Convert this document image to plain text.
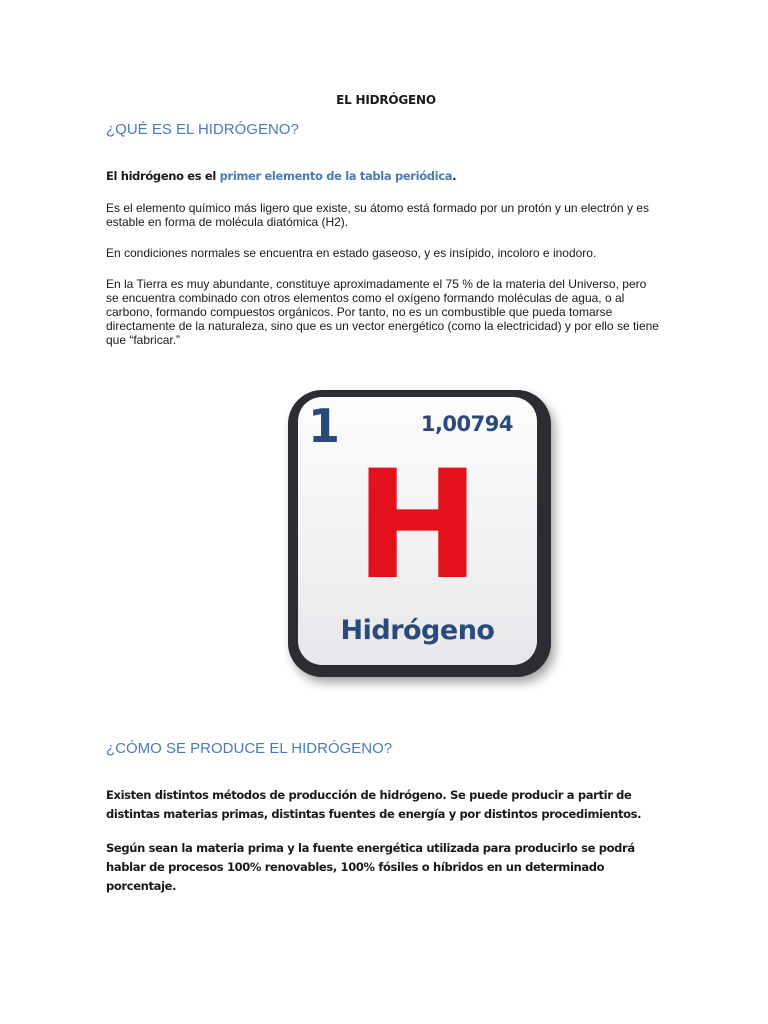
EL HIDRÓGENO
¿QUÉ ES EL HIDRÓGENO?

El hidrógeno es el primer elemento de la tabla periódica.

Es el elemento químico más ligero que existe, su átomo está formado por un protón y un electrón y es estable en forma de molécula diatómica (H2).

En condiciones normales se encuentra en estado gaseoso, y es insípido, incoloro e inodoro.

En la Tierra es muy abundante, constituye aproximadamente el 75 % de la materia del Universo, pero se encuentra combinado con otros elementos como el oxígeno formando moléculas de agua, o al carbono, formando compuestos orgánicos. Por tanto, no es un combustible que pueda tomarse directamente de la naturaleza, sino que es un vector energético (como la electricidad) y por ello se tiene que “fabricar.”

¿CÓMO SE PRODUCE EL HIDRÓGENO?

Existen distintos métodos de producción de hidrógeno. Se puede producir a partir de distintas materias primas, distintas fuentes de energía y por distintos procedimientos.

Según sean la materia prima y la fuente energética utilizada para producirlo se podrá hablar de procesos 100% renovables, 100% fósiles o híbridos en un determinado porcentaje.

1	1,00794
H
Hidrógeno
